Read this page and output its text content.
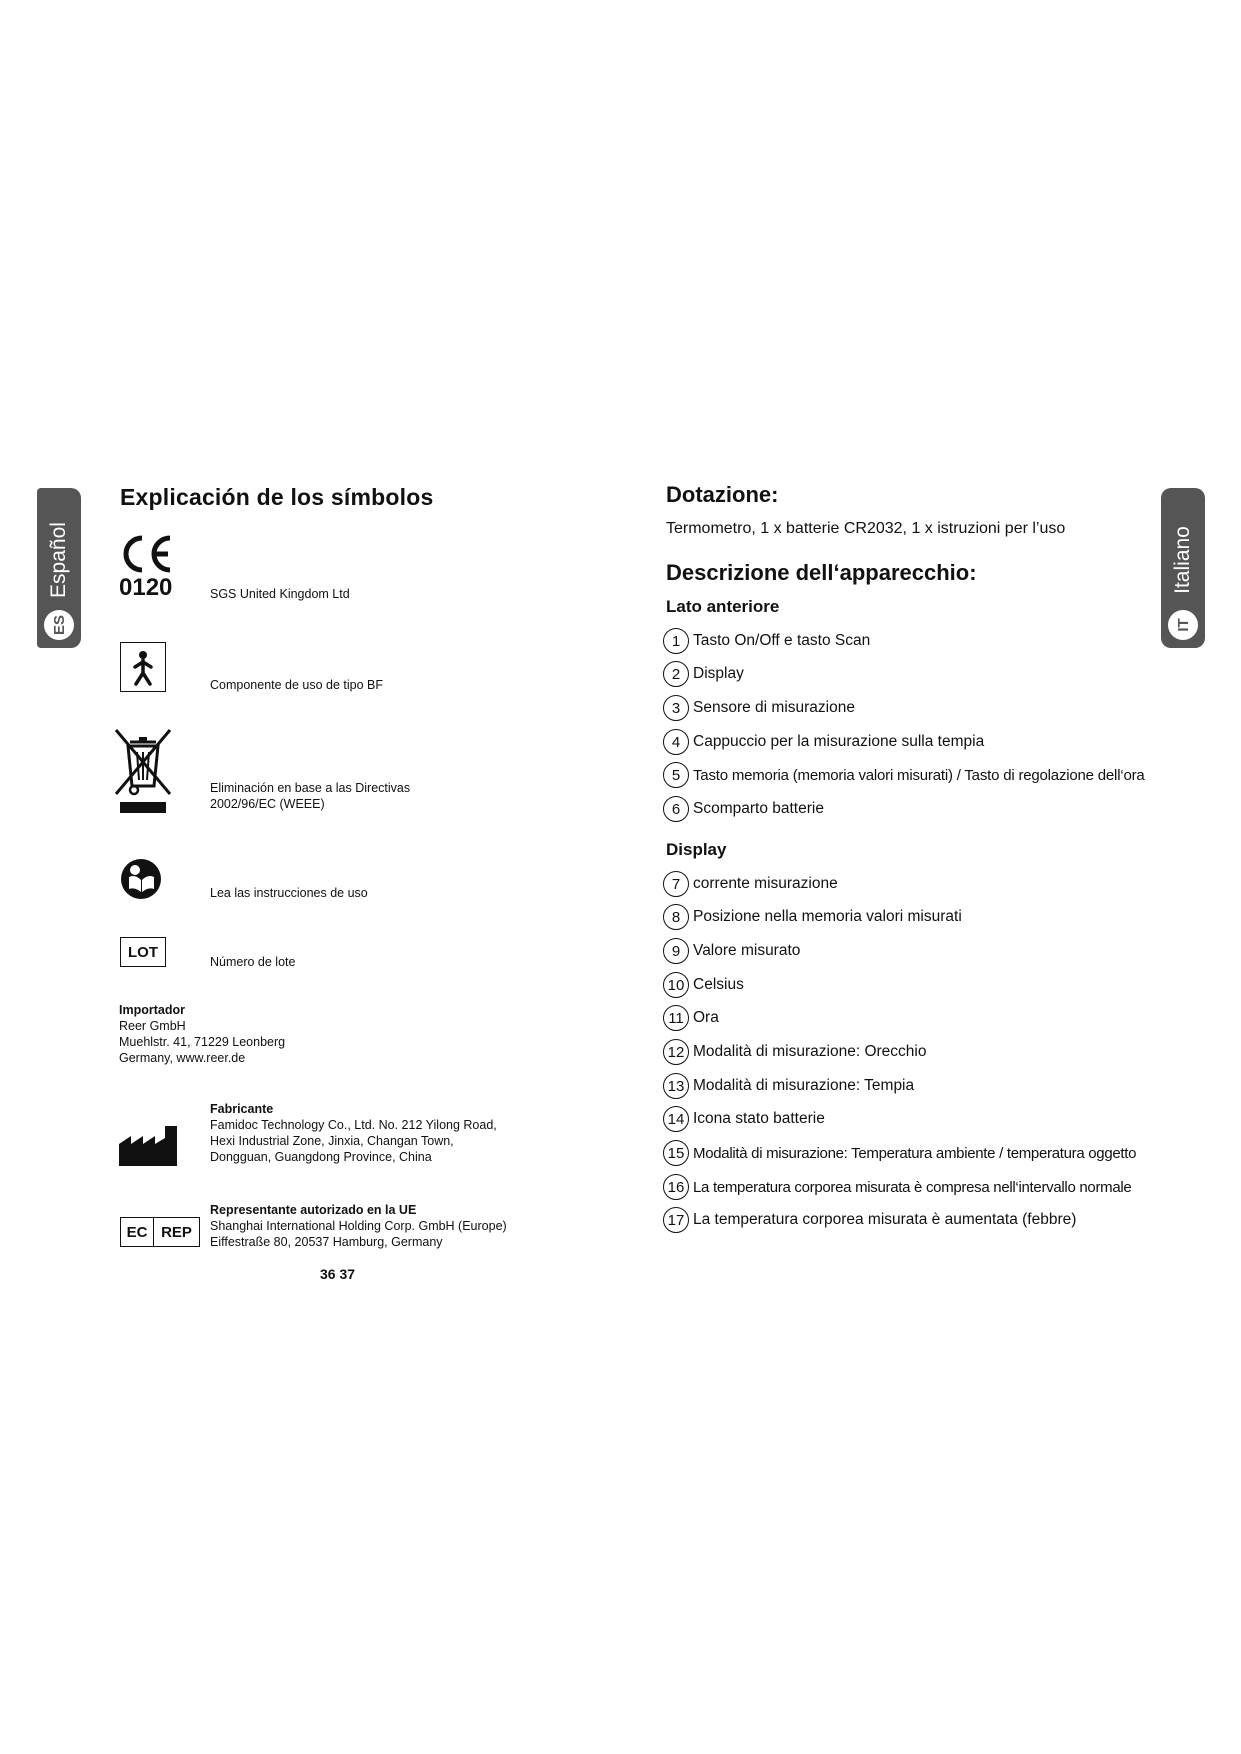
Español
ES
Italiano
IT
Explicación de los símbolos
0120	SGS United Kingdom Ltd
Componente de uso de tipo BF
Eliminación en base a las Directivas
2002/96/EC (WEEE)
Lea las instrucciones de uso
LOT
Número de lote
Importador
Reer GmbH
Muehlstr. 41, 71229 Leonberg
Germany, www.reer.de
Fabricante
Famidoc Technology Co., Ltd. No. 212 Yilong Road,
Hexi Industrial Zone, Jinxia, Changan Town,
Dongguan, Guangdong Province, China
EC REP
Representante autorizado en la UE
Shanghai International Holding Corp. GmbH (Europe)
Eiffestraße 80, 20537 Hamburg, Germany
36 37
Dotazione:
Termometro, 1 x batterie CR2032, 1 x istruzioni per l’uso
Descrizione dell‘apparecchio:
Lato anteriore
1 Tasto On/Off e tasto Scan
2 Display
3 Sensore di misurazione
4 Cappuccio per la misurazione sulla tempia
5 Tasto memoria (memoria valori misurati) / Tasto di regolazione dell‘ora
6 Scomparto batterie
Display
7 corrente misurazione
8 Posizione nella memoria valori misurati
9 Valore misurato
10 Celsius
11 Ora
12 Modalità di misurazione: Orecchio
13 Modalità di misurazione: Tempia
14 Icona stato batterie
15 Modalità di misurazione: Temperatura ambiente / temperatura oggetto
16 La temperatura corporea misurata è compresa nell‘intervallo normale
17 La temperatura corporea misurata è aumentata (febbre)
